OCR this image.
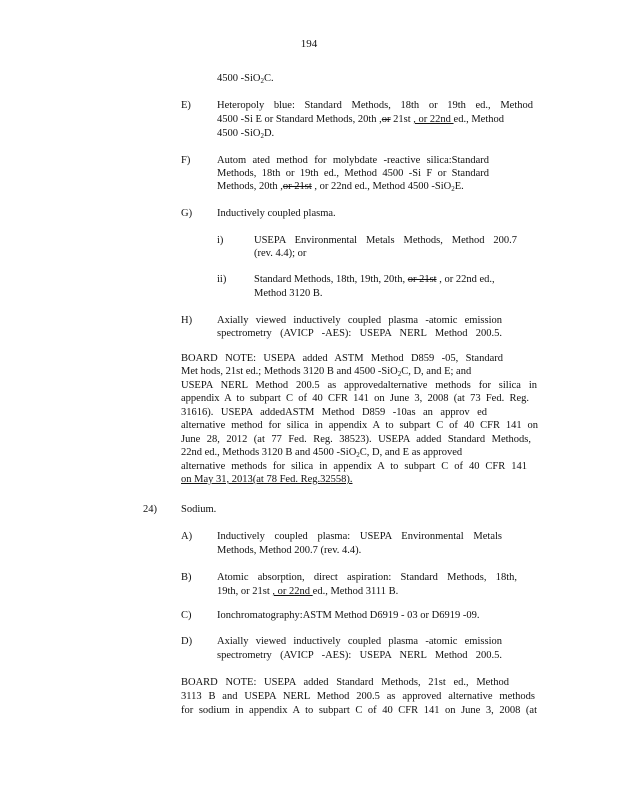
194
4500 -SiO$_2$C.
E) Heteropoly blue: Standard Methods, 18th or 19th ed., Method
4500 -Si E or Standard Methods, 20th ,or 21st , or 22nd ed., Method
4500 -SiO$_2$D.
F)	Autom ated method for molybdate -reactive silica:Standard
Methods, 18th or 19th ed., Method 4500 -Si F or Standard
Methods, 20th ,or 21st , or 22nd ed., Method 4500 -SiO$_2$E.
G) Inductively coupled plasma.
i)	USEPA Environmental Metals Methods, Method 200.7
(rev. 4.4); or
ii)	Standard Methods, 18th, 19th, 20th, or 21st , or 22nd ed.,
Method 3120 B.
H) Axially viewed inductively coupled plasma -atomic emission
spectrometry (AVICP -AES): USEPA NERL Method 200.5.
BOARD NOTE: USEPA added ASTM Method D859 -05, Standard
Met hods, 21st ed.; Methods 3120 B and 4500 -SiO$_2$C, D, and E; and
USEPA NERL Method 200.5 as approvedalternative methods for silica in
appendix A to subpart C of 40 CFR 141 on June 3, 2008 (at 73 Fed. Reg.
31616). USEPA addedASTM Method D859 -10as an approv ed
alternative method for silica in appendix A to subpart C of 40 CFR 141 on
June 28, 2012 (at 77 Fed. Reg. 38523). USEPA added Standard Methods,
22nd ed., Methods 3120 B and 4500 -SiO$_2$C, D, and E as approved
alternative methods for silica in appendix A to subpart C of 40 CFR 141
on May 31, 2013(at 78 Fed. Reg.32558).
24) Sodium.
A) Inductively coupled plasma: USEPA Environmental Metals
Methods, Method 200.7 (rev. 4.4).
B) Atomic absorption, direct aspiration: Standard Methods, 18th,
19th, or 21st , or 22nd ed., Method 3111 B.
C) Ionchromatography:ASTM Method D6919 - 03 or D6919 -09.
D) Axially viewed inductively coupled plasma -atomic emission
spectrometry (AVICP -AES): USEPA NERL Method 200.5.
BOARD NOTE: USEPA added Standard Methods, 21st ed., Method
3113 B and USEPA NERL Method 200.5 as approved alternative methods
for sodium in appendix A to subpart C of 40 CFR 141 on June 3, 2008 (at
